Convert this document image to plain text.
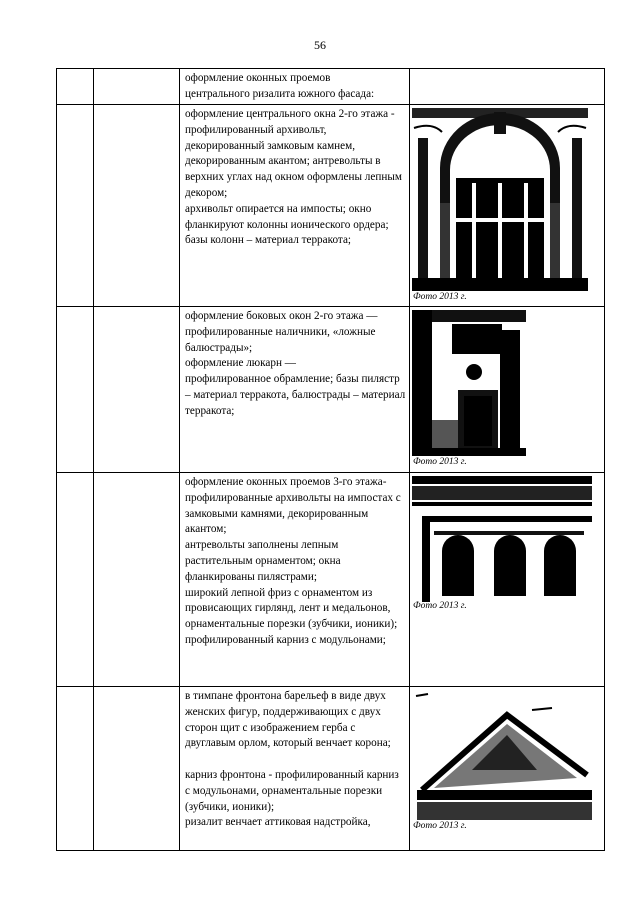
56

		оформление оконных проемов
центрального ризалита южного фасада:	

		оформление центрального окна 2-го этажа - профилированный архивольт, декорированный замковым камнем, декорированным акантом; антревольты в верхних углах над окном оформлены лепным декором;
архивольт опирается на импосты; окно фланкируют колонны ионического ордера; базы колонн – материал терракота;	Фото 2013 г.

		оформление боковых окон 2-го этажа — профилированные наличники, «ложные балюстрады»;
оформление люкарн —
профилированное обрамление; базы пилястр – материал терракота, балюстрады – материал терракота;	Фото 2013 г.

		оформление оконных проемов 3-го этажа- профилированные архивольты на импостах с замковыми камнями, декорированным акантом;
антревольты заполнены лепным растительным орнаментом; окна фланкированы пилястрами;
широкий лепной фриз с орнаментом из провисающих гирлянд, лент и медальонов,
орнаментальные порезки (зубчики, ионики);
профилированный карниз с модульонами;	Фото 2013 г.

		в тимпане фронтона барельеф в виде двух женских фигур, поддерживающих с двух сторон щит с изображением герба с двуглавым орлом, который венчает корона;

карниз фронтона - профилированный карниз с модульонами, орнаментальные порезки (зубчики, ионики);
ризалит венчает аттиковая надстройка,	Фото 2013 г.
